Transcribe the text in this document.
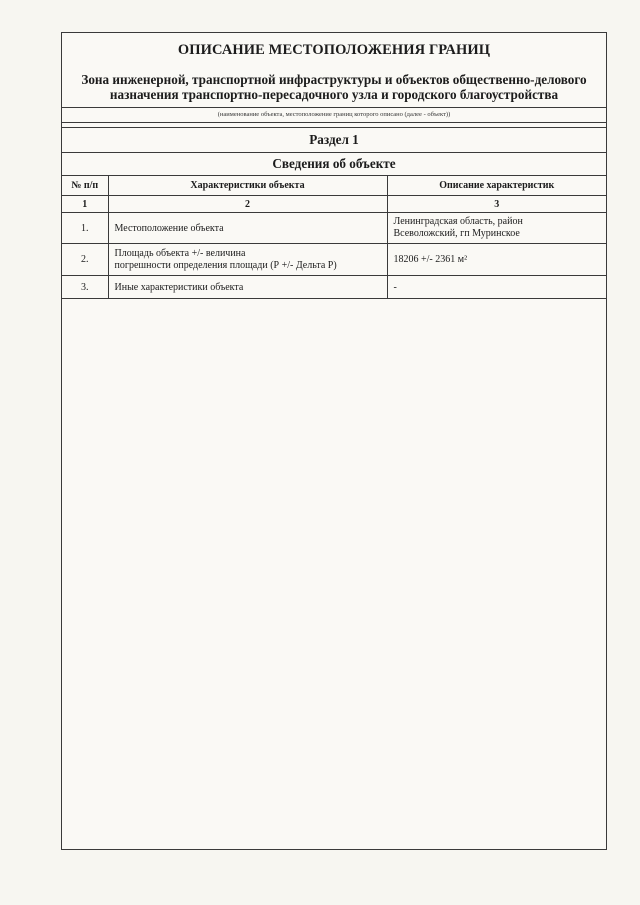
ОПИСАНИЕ МЕСТОПОЛОЖЕНИЯ ГРАНИЦ
Зона инженерной, транспортной инфраструктуры и объектов общественно-делового назначения транспортно-пересадочного узла и городского благоустройства
(наименование объекта, местоположение границ которого описано (далее - объект))
Раздел 1
Сведения об объекте
№ п/п	Характеристики объекта	Описание характеристик
1	2	3
1.	Местоположение объекта	Ленинградская область, район
Всеволожский, гп Муринское

2.	Площадь объекта +/- величина
погрешности определения площади (Р +/- Дельта Р)	18206 +/- 2361 м²
3.	Иные характеристики объекта	-
